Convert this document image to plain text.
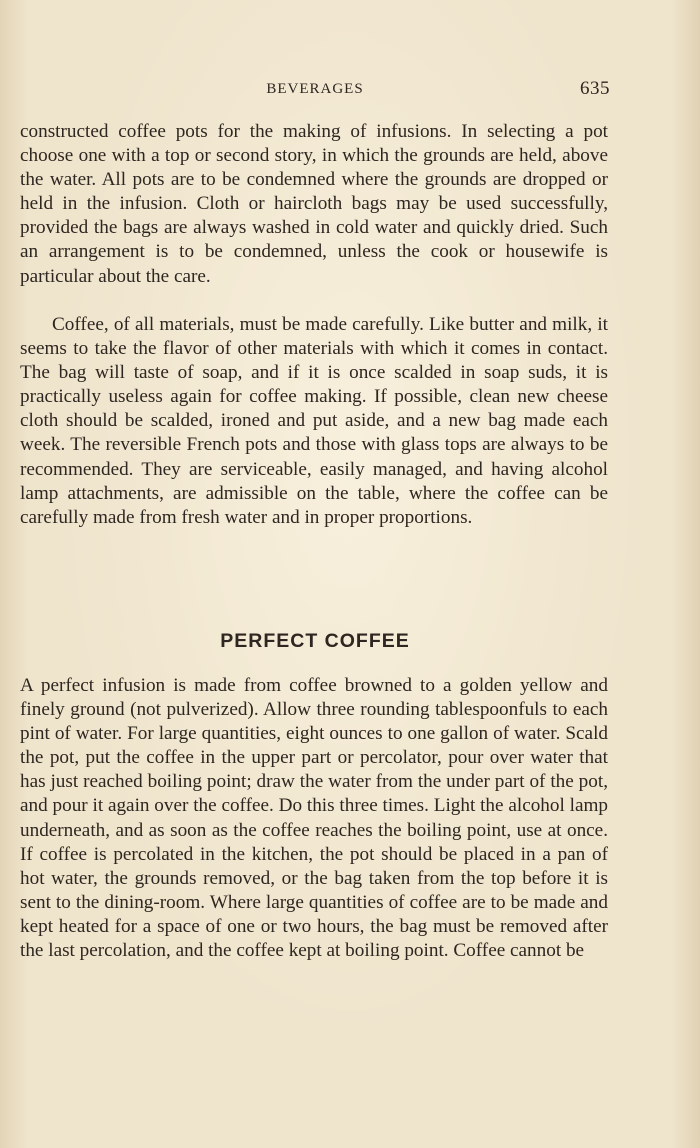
BEVERAGES	635

constructed coffee pots for the making of infusions. In selecting a pot choose one with a top or second story, in which the grounds are held, above the water. All pots are to be condemned where the grounds are dropped or held in the infusion. Cloth or haircloth bags may be used successfully, provided the bags are always washed in cold water and quickly dried. Such an arrangement is to be condemned, unless the cook or housewife is particular about the care.

Coffee, of all materials, must be made carefully. Like butter and milk, it seems to take the flavor of other materials with which it comes in contact. The bag will taste of soap, and if it is once scalded in soap suds, it is practically useless again for coffee making. If possible, clean new cheese cloth should be scalded, ironed and put aside, and a new bag made each week. The reversible French pots and those with glass tops are always to be recommended. They are serviceable, easily managed, and having alcohol lamp attachments, are admissible on the table, where the coffee can be carefully made from fresh water and in proper proportions.

PERFECT COFFEE

A perfect infusion is made from coffee browned to a golden yellow and finely ground (not pulverized). Allow three rounding tablespoonfuls to each pint of water. For large quantities, eight ounces to one gallon of water. Scald the pot, put the coffee in the upper part or percolator, pour over water that has just reached boiling point; draw the water from the under part of the pot, and pour it again over the coffee. Do this three times. Light the alcohol lamp underneath, and as soon as the coffee reaches the boiling point, use at once. If coffee is percolated in the kitchen, the pot should be placed in a pan of hot water, the grounds removed, or the bag taken from the top before it is sent to the dining-room. Where large quantities of coffee are to be made and kept heated for a space of one or two hours, the bag must be removed after the last percolation, and the coffee kept at boiling point. Coffee cannot be
